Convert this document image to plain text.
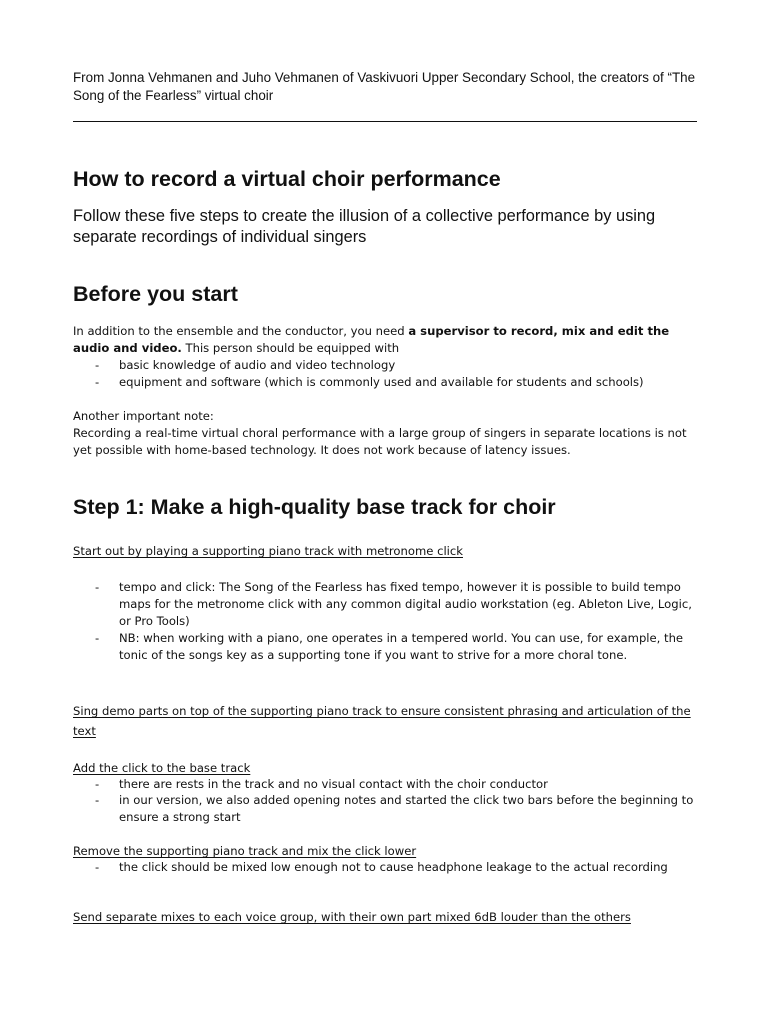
From Jonna Vehmanen and Juho Vehmanen of Vaskivuori Upper Secondary School, the creators of “The Song of the Fearless” virtual choir
How to record a virtual choir performance
Follow these five steps to create the illusion of a collective performance by using separate recordings of individual singers
Before you start

In addition to the ensemble and the conductor, you need a supervisor to record, mix and edit the audio and video. This person should be equipped with

- basic knowledge of audio and video technology
- equipment and software (which is commonly used and available for students and schools)

Another important note:

Recording a real-time virtual choral performance with a large group of singers in separate locations is not yet possible with home-based technology. It does not work because of latency issues.

Step 1: Make a high-quality base track for choir

Start out by playing a supporting piano track with metronome click

- tempo and click: The Song of the Fearless has fixed tempo, however it is possible to build tempo maps for the metronome click with any common digital audio workstation (eg. Ableton Live, Logic, or Pro Tools)
- NB: when working with a piano, one operates in a tempered world. You can use, for example, the tonic of the songs key as a supporting tone if you want to strive for a more choral tone.

Sing demo parts on top of the supporting piano track to ensure consistent phrasing and articulation of the text

Add the click to the base track

- there are rests in the track and no visual contact with the choir conductor
- in our version, we also added opening notes and started the click two bars before the beginning to ensure a strong start

Remove the supporting piano track and mix the click lower

- the click should be mixed low enough not to cause headphone leakage to the actual recording

Send separate mixes to each voice group, with their own part mixed 6dB louder than the others
